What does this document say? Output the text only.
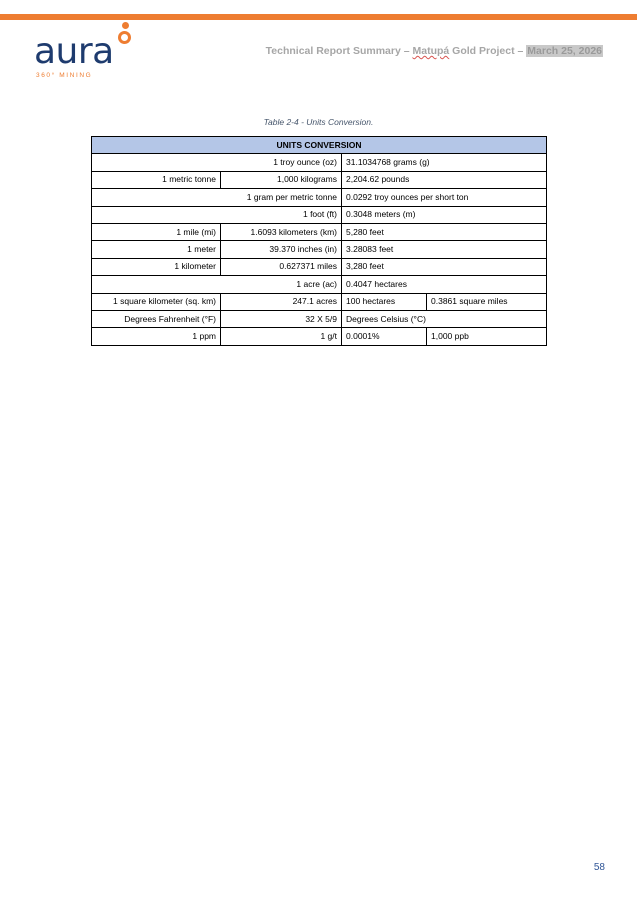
aura
360° MINING
Technical Report Summary – Matupá Gold Project – March 25, 2026
Table 2-4 - Units Conversion.
UNITS CONVERSION			
1 troy ounce (oz)		31.1034768 grams (g)	
1 metric tonne	1,000 kilograms	2,204.62 pounds	
1 gram per metric tonne		0.0292 troy ounces per short ton	
1 foot (ft)		0.3048 meters (m)	
1 mile (mi)	1.6093 kilometers (km)	5,280 feet	
1 meter	39.370 inches (in)	3.28083 feet	
1 kilometer	0.627371 miles	3,280 feet	
1 acre (ac)		0.4047 hectares	
1 square kilometer (sq. km)	247.1 acres	100 hectares	0.3861 square miles
Degrees Fahrenheit (°F)	32 X 5/9	Degrees Celsius (°C)	
1 ppm	1 g/t	0.0001%	1,000 ppb
58
